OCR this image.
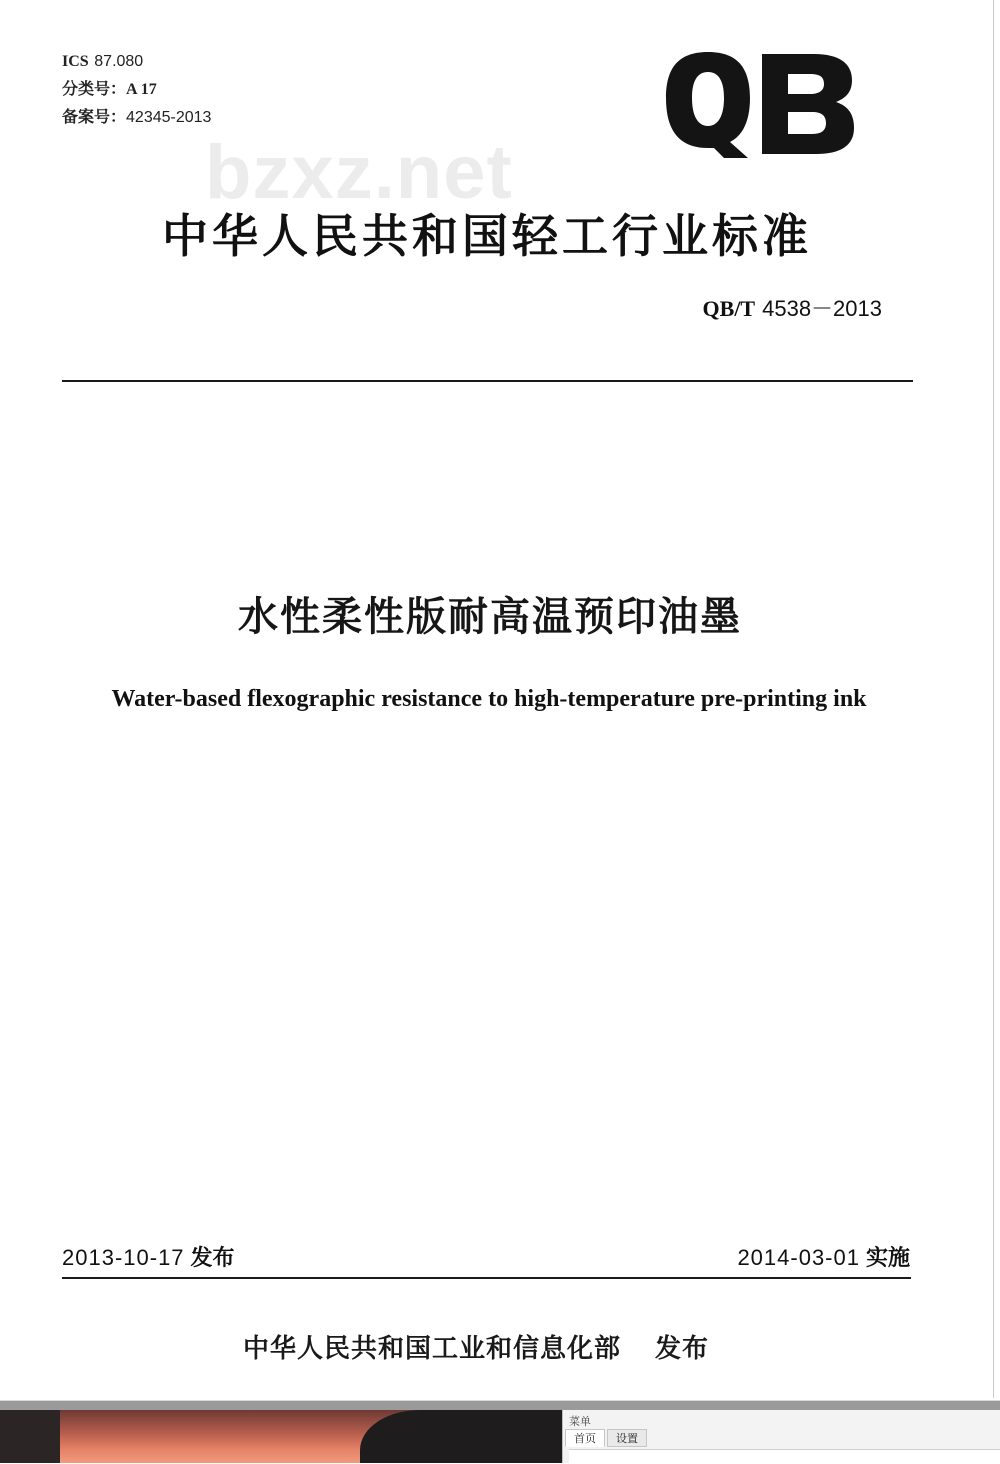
ICS 87.080
分类号：A 17
备案号：42345-2013
bzxz.net
中华人民共和国轻工行业标准
QB/T 4538－2013
水性柔性版耐高温预印油墨
Water-based flexographic resistance to high-temperature pre-printing ink
2013-10-17 发布	2014-03-01 实施
中华人民共和国工业和信息化部 发布
菜单
首页	设置
